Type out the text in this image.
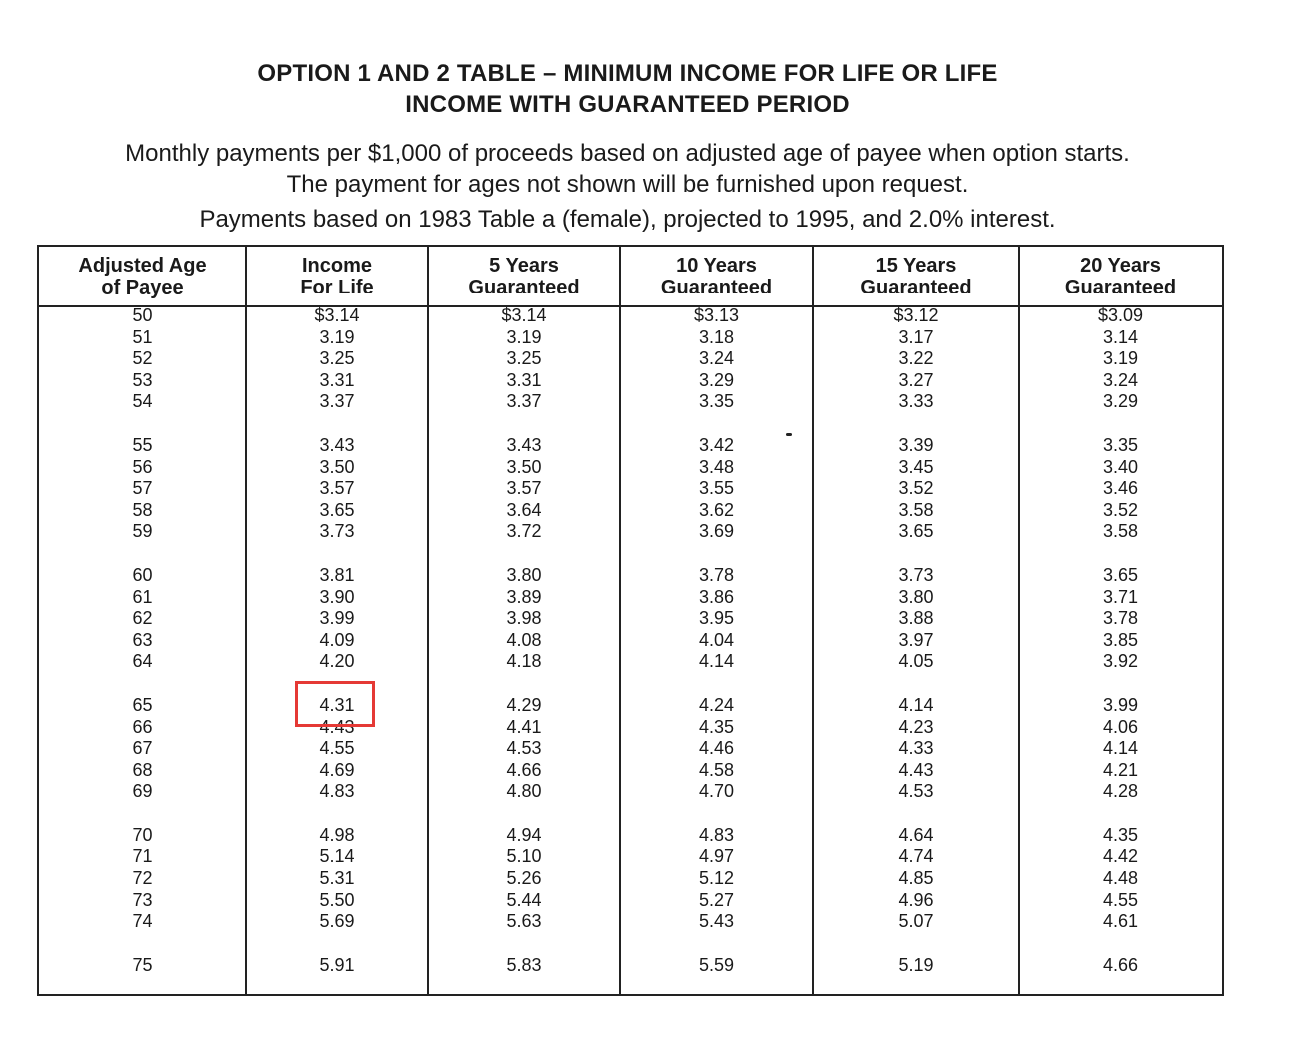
OPTION 1 AND 2 TABLE – MINIMUM INCOME FOR LIFE OR LIFE
INCOME WITH GUARANTEED PERIOD
Monthly payments per $1,000 of proceeds based on adjusted age of payee when option starts.
The payment for ages not shown will be furnished upon request.
Payments based on 1983 Table a (female), projected to 1995, and 2.0% interest.
Adjusted Age
of Payee
Income
For Life
5 Years
Guaranteed
10 Years
Guaranteed
15 Years
Guaranteed
20 Years
Guaranteed
50
51
52
53
54
55
56
57
58
59
60
61
62
63
64
65
66
67
68
69
70
71
72
73
74
75
$3.14
3.19
3.25
3.31
3.37
3.43
3.50
3.57
3.65
3.73
3.81
3.90
3.99
4.09
4.20
4.31
4.43
4.55
4.69
4.83
4.98
5.14
5.31
5.50
5.69
5.91
$3.14
3.19
3.25
3.31
3.37
3.43
3.50
3.57
3.64
3.72
3.80
3.89
3.98
4.08
4.18
4.29
4.41
4.53
4.66
4.80
4.94
5.10
5.26
5.44
5.63
5.83
$3.13
3.18
3.24
3.29
3.35
3.42
3.48
3.55
3.62
3.69
3.78
3.86
3.95
4.04
4.14
4.24
4.35
4.46
4.58
4.70
4.83
4.97
5.12
5.27
5.43
5.59
$3.12
3.17
3.22
3.27
3.33
3.39
3.45
3.52
3.58
3.65
3.73
3.80
3.88
3.97
4.05
4.14
4.23
4.33
4.43
4.53
4.64
4.74
4.85
4.96
5.07
5.19
$3.09
3.14
3.19
3.24
3.29
3.35
3.40
3.46
3.52
3.58
3.65
3.71
3.78
3.85
3.92
3.99
4.06
4.14
4.21
4.28
4.35
4.42
4.48
4.55
4.61
4.66
